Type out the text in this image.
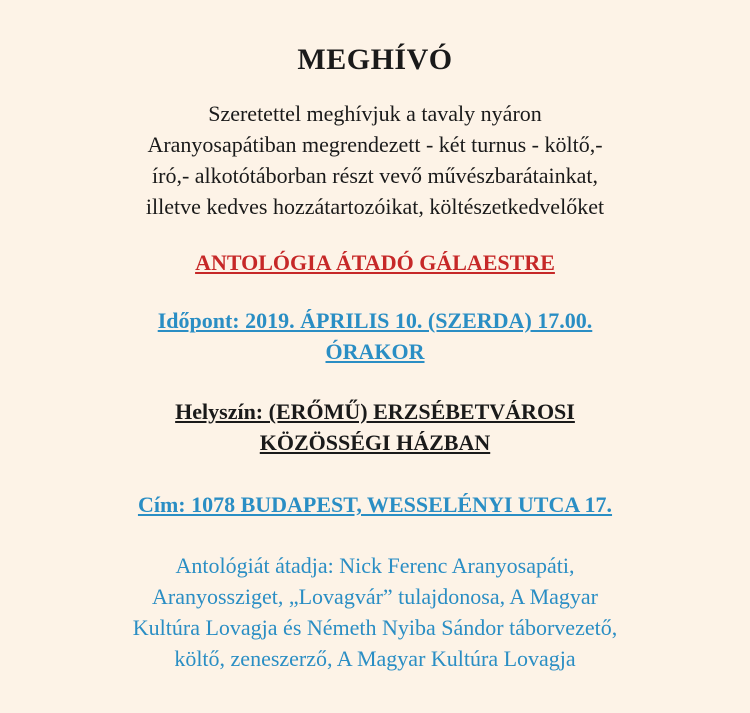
MEGHÍVÓ
Szeretettel meghívjuk a tavaly nyáron
Aranyosapátiban megrendezett - két turnus - költő,-
író,- alkotótáborban részt vevő művészbarátainkat,
illetve kedves hozzátartozóikat, költészetkedvelőket
ANTOLÓGIA ÁTADÓ GÁLAESTRE
Időpont: 2019. ÁPRILIS 10. (SZERDA) 17.00.
ÓRAKOR
Helyszín: (ERŐMŰ) ERZSÉBETVÁROSI
KÖZÖSSÉGI HÁZBAN
Cím: 1078 BUDAPEST, WESSELÉNYI UTCA 17.
Antológiát átadja: Nick Ferenc Aranyosapáti,
Aranyossziget, „Lovagvár” tulajdonosa, A Magyar
Kultúra Lovagja és Németh Nyiba Sándor táborvezető,
költő, zeneszerző, A Magyar Kultúra Lovagja
